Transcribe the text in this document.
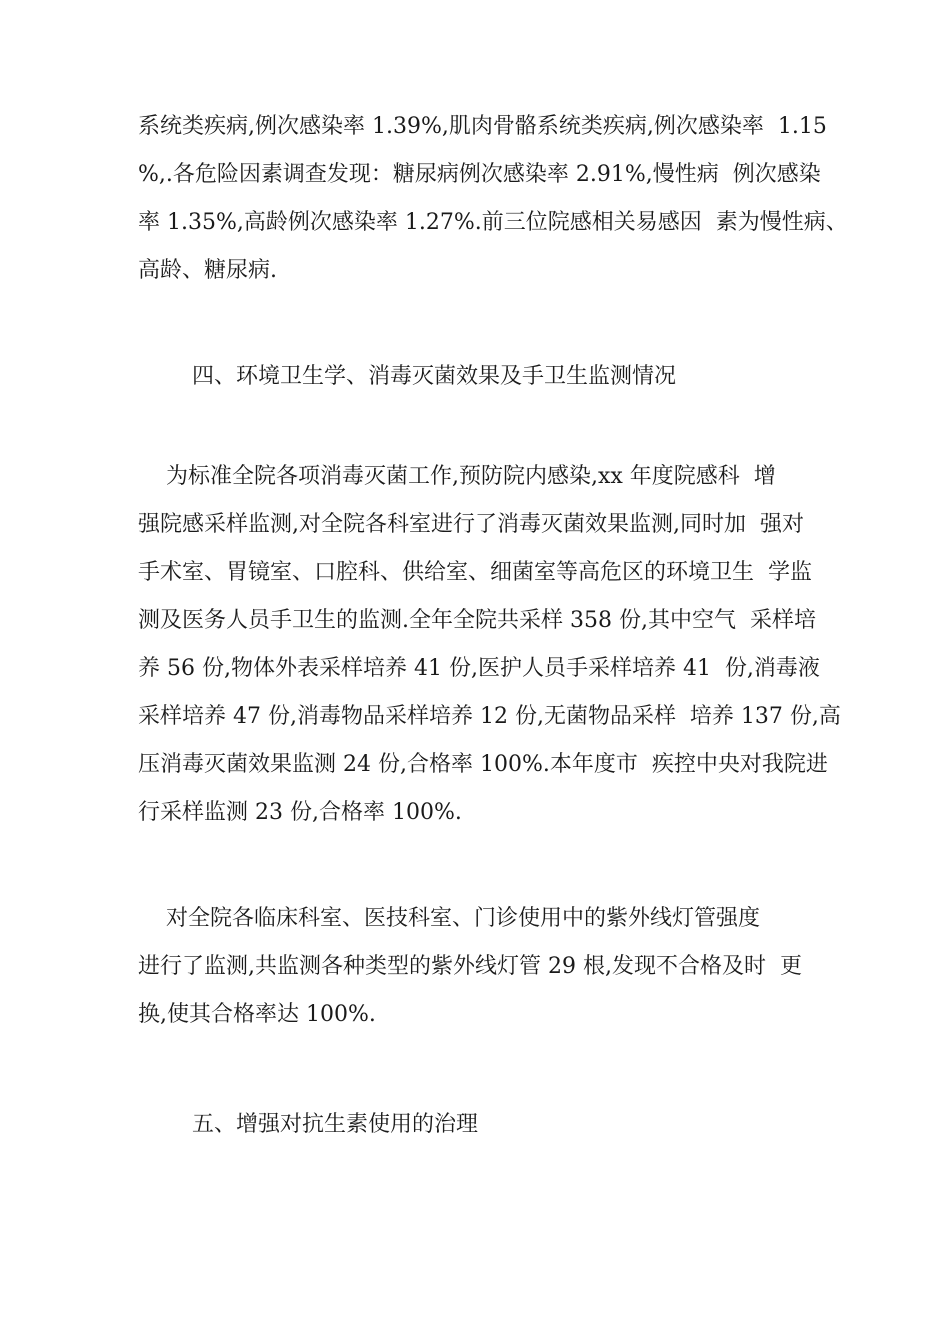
系统类疾病,例次感染率 1.39%,肌肉骨骼系统类疾病,例次感染率  1.15
%,.各危险因素调查发现：糖尿病例次感染率 2.91%,慢性病  例次感染
率 1.35%,高龄例次感染率 1.27%.前三位院感相关易感因  素为慢性病、
高龄、糖尿病.
四、环境卫生学、消毒灭菌效果及手卫生监测情况
为标准全院各项消毒灭菌工作,预防院内感染,xx 年度院感科  增
强院感采样监测,对全院各科室进行了消毒灭菌效果监测,同时加  强对
手术室、胃镜室、口腔科、供给室、细菌室等高危区的环境卫生  学监
测及医务人员手卫生的监测.全年全院共采样 358 份,其中空气  采样培
养 56 份,物体外表采样培养 41 份,医护人员手采样培养 41  份,消毒液
采样培养 47 份,消毒物品采样培养 12 份,无菌物品采样  培养 137 份,高
压消毒灭菌效果监测 24 份,合格率 100%.本年度市  疾控中央对我院进
行采样监测 23 份,合格率 100%.
对全院各临床科室、医技科室、门诊使用中的紫外线灯管强度
进行了监测,共监测各种类型的紫外线灯管 29 根,发现不合格及时  更
换,使其合格率达 100%.
五、增强对抗生素使用的治理
